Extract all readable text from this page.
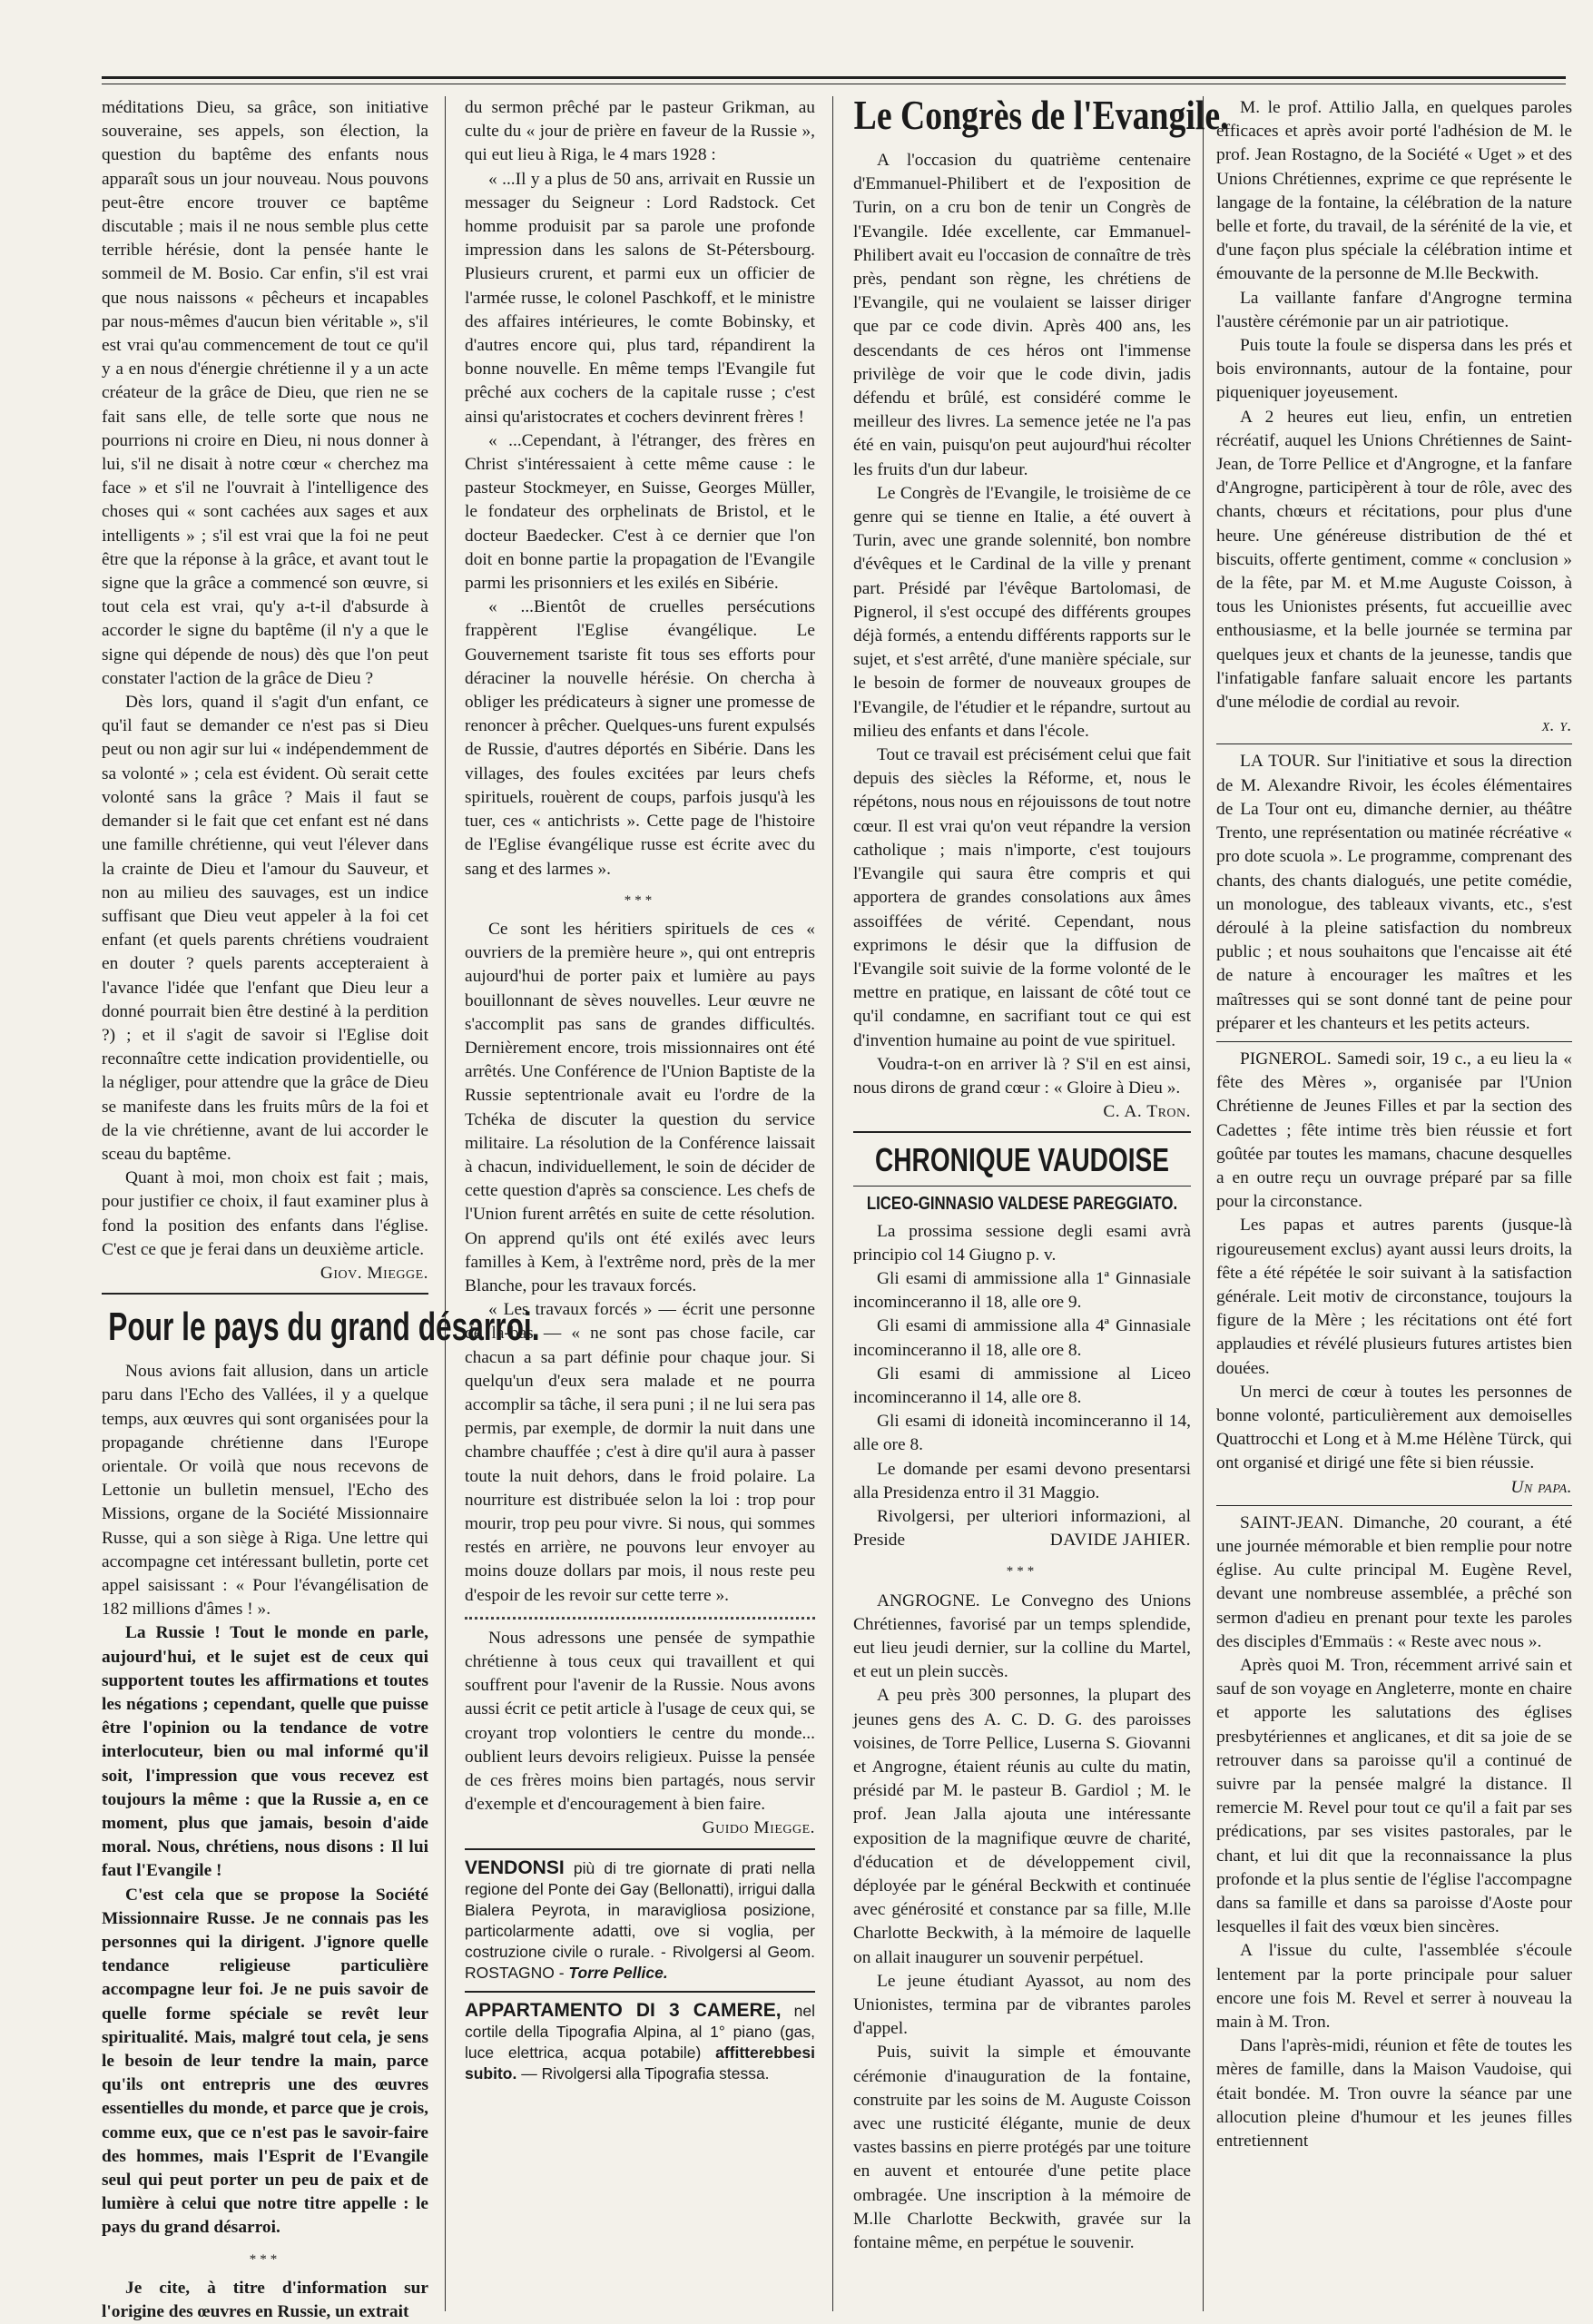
méditations Dieu, sa grâce, son initiative souveraine, ses appels, son élection, la question du baptême des enfants nous apparaît sous un jour nouveau. Nous pouvons peut-être encore trouver ce baptême discutable ; mais il ne nous semble plus cette terrible hérésie, dont la pensée hante le sommeil de M. Bosio. Car enfin, s'il est vrai que nous naissons « pêcheurs et incapables par nous-mêmes d'aucun bien véritable », s'il est vrai qu'au commencement de tout ce qu'il y a en nous d'énergie chrétienne il y a un acte créateur de la grâce de Dieu, que rien ne se fait sans elle, de telle sorte que nous ne pourrions ni croire en Dieu, ni nous donner à lui, s'il ne disait à notre cœur « cherchez ma face » et s'il ne l'ouvrait à l'intelligence des choses qui « sont cachées aux sages et aux intelligents » ; s'il est vrai que la foi ne peut être que la réponse à la grâce, et avant tout le signe que la grâce a commencé son œuvre, si tout cela est vrai, qu'y a-t-il d'absurde à accorder le signe du baptême (il n'y a que le signe qui dépende de nous) dès que l'on peut constater l'action de la grâce de Dieu ?

Dès lors, quand il s'agit d'un enfant, ce qu'il faut se demander ce n'est pas si Dieu peut ou non agir sur lui « indépendemment de sa volonté » ; cela est évident. Où serait cette volonté sans la grâce ? Mais il faut se demander si le fait que cet enfant est né dans une famille chrétienne, qui veut l'élever dans la crainte de Dieu et l'amour du Sauveur, et non au milieu des sauvages, est un indice suffisant que Dieu veut appeler à la foi cet enfant (et quels parents chrétiens voudraient en douter ? quels parents accepteraient à l'avance l'idée que l'enfant que Dieu leur a donné pourrait bien être destiné à la perdition ?) ; et il s'agit de savoir si l'Eglise doit reconnaître cette indication providentielle, ou la négliger, pour attendre que la grâce de Dieu se manifeste dans les fruits mûrs de la foi et de la vie chrétienne, avant de lui accorder le sceau du baptême.

Quant à moi, mon choix est fait ; mais, pour justifier ce choix, il faut examiner plus à fond la position des enfants dans l'église. C'est ce que je ferai dans un deuxième article.

Giov. Miegge.
Pour le pays du grand désarroi.

Nous avions fait allusion, dans un article paru dans l'Echo des Vallées, il y a quelque temps, aux œuvres qui sont organisées pour la propagande chrétienne dans l'Europe orientale. Or voilà que nous recevons de Lettonie un bulletin mensuel, l'Echo des Missions, organe de la Société Missionnaire Russe, qui a son siège à Riga. Une lettre qui accompagne cet intéressant bulletin, porte cet appel saisissant : « Pour l'évangélisation de 182 millions d'âmes ! ».

La Russie ! Tout le monde en parle, aujourd'hui, et le sujet est de ceux qui supportent toutes les affirmations et toutes les négations ; cependant, quelle que puisse être l'opinion ou la tendance de votre interlocuteur, bien ou mal informé qu'il soit, l'impression que vous recevez est toujours la même : que la Russie a, en ce moment, plus que jamais, besoin d'aide moral. Nous, chrétiens, nous disons : Il lui faut l'Evangile !

C'est cela que se propose la Société Missionnaire Russe. Je ne connais pas les personnes qui la dirigent. J'ignore quelle tendance religieuse particulière accompagne leur foi. Je ne puis savoir de quelle forme spéciale se revêt leur spiritualité. Mais, malgré tout cela, je sens le besoin de leur tendre la main, parce qu'ils ont entrepris une des œuvres essentielles du monde, et parce que je crois, comme eux, que ce n'est pas le savoir-faire des hommes, mais l'Esprit de l'Evangile seul qui peut porter un peu de paix et de lumière à celui que notre titre appelle : le pays du grand désarroi.

***

Je cite, à titre d'information sur l'origine des œuvres en Russie, un extrait

du sermon prêché par le pasteur Grikman, au culte du « jour de prière en faveur de la Russie », qui eut lieu à Riga, le 4 mars 1928 :

« ...Il y a plus de 50 ans, arrivait en Russie un messager du Seigneur : Lord Radstock. Cet homme produisit par sa parole une profonde impression dans les salons de St-Pétersbourg. Plusieurs crurent, et parmi eux un officier de l'armée russe, le colonel Paschkoff, et le ministre des affaires intérieures, le comte Bobinsky, et d'autres encore qui, plus tard, répandirent la bonne nouvelle. En même temps l'Evangile fut prêché aux cochers de la capitale russe ; c'est ainsi qu'aristocrates et cochers devinrent frères !

« ...Cependant, à l'étranger, des frères en Christ s'intéressaient à cette même cause : le pasteur Stockmeyer, en Suisse, Georges Müller, le fondateur des orphelinats de Bristol, et le docteur Baedecker. C'est à ce dernier que l'on doit en bonne partie la propagation de l'Evangile parmi les prisonniers et les exilés en Sibérie.

« ...Bientôt de cruelles persécutions frappèrent l'Eglise évangélique. Le Gouvernement tsariste fit tous ses efforts pour déraciner la nouvelle hérésie. On chercha à obliger les prédicateurs à signer une promesse de renoncer à prêcher. Quelques-uns furent expulsés de Russie, d'autres déportés en Sibérie. Dans les villages, des foules excitées par leurs chefs spirituels, rouèrent de coups, parfois jusqu'à les tuer, ces « antichrists ». Cette page de l'histoire de l'Eglise évangélique russe est écrite avec du sang et des larmes ».

***

Ce sont les héritiers spirituels de ces « ouvriers de la première heure », qui ont entrepris aujourd'hui de porter paix et lumière au pays bouillonnant de sèves nouvelles. Leur œuvre ne s'accomplit pas sans de grandes difficultés. Dernièrement encore, trois missionnaires ont été arrêtés. Une Conférence de l'Union Baptiste de la Russie septentrionale avait eu l'ordre de la Tchéka de discuter la question du service militaire. La résolution de la Conférence laissait à chacun, individuellement, le soin de décider de cette question d'après sa conscience. Les chefs de l'Union furent arrêtés en suite de cette résolution. On apprend qu'ils ont été exilés avec leurs familles à Kem, à l'extrême nord, près de la mer Blanche, pour les travaux forcés.

« Les travaux forcés » — écrit une personne de là-bas — « ne sont pas chose facile, car chacun a sa part définie pour chaque jour. Si quelqu'un d'eux sera malade et ne pourra accomplir sa tâche, il sera puni ; il ne lui sera pas permis, par exemple, de dormir la nuit dans une chambre chauffée ; c'est à dire qu'il aura à passer toute la nuit dehors, dans le froid polaire. La nourriture est distribuée selon la loi : trop pour mourir, trop peu pour vivre. Si nous, qui sommes restés en arrière, ne pouvons leur envoyer au moins douze dollars par mois, il nous reste peu d'espoir de les revoir sur cette terre ».

Nous adressons une pensée de sympathie chrétienne à tous ceux qui travaillent et qui souffrent pour l'avenir de la Russie. Nous avons aussi écrit ce petit article à l'usage de ceux qui, se croyant trop volontiers le centre du monde... oublient leurs devoirs religieux. Puisse la pensée de ces frères moins bien partagés, nous servir d'exemple et d'encouragement à bien faire.

Guido Miegge.
VENDONSI più di tre giornate di prati nella regione del Ponte dei Gay (Bellonatti), irrigui dalla Bialera Peyrota, in maravigliosa posizione, particolarmente adatti, ove si voglia, per costruzione civile o rurale. - Rivolgersi al Geom. ROSTAGNO - Torre Pellice.
APPARTAMENTO DI 3 CAMERE, nel cortile della Tipografia Alpina, al 1° piano (gas, luce elettrica, acqua potabile) affitterebbesi subito. — Rivolgersi alla Tipografia stessa.
Le Congrès de l'Evangile.

A l'occasion du quatrième centenaire d'Emmanuel-Philibert et de l'exposition de Turin, on a cru bon de tenir un Congrès de l'Evangile. Idée excellente, car Emmanuel-Philibert avait eu l'occasion de connaître de très près, pendant son règne, les chrétiens de l'Evangile, qui ne voulaient se laisser diriger que par ce code divin. Après 400 ans, les descendants de ces héros ont l'immense privilège de voir que le code divin, jadis défendu et brûlé, est considéré comme le meilleur des livres. La semence jetée ne l'a pas été en vain, puisqu'on peut aujourd'hui récolter les fruits d'un dur labeur.

Le Congrès de l'Evangile, le troisième de ce genre qui se tienne en Italie, a été ouvert à Turin, avec une grande solennité, bon nombre d'évêques et le Cardinal de la ville y prenant part. Présidé par l'évêque Bartolomasi, de Pignerol, il s'est occupé des différents groupes déjà formés, a entendu différents rapports sur le sujet, et s'est arrêté, d'une manière spéciale, sur le besoin de former de nouveaux groupes de l'Evangile, de l'étudier et le répandre, surtout au milieu des enfants et dans l'école.

Tout ce travail est précisément celui que fait depuis des siècles la Réforme, et, nous le répétons, nous nous en réjouissons de tout notre cœur. Il est vrai qu'on veut répandre la version catholique ; mais n'importe, c'est toujours l'Evangile qui saura être compris et qui apportera de grandes consolations aux âmes assoiffées de vérité. Cependant, nous exprimons le désir que la diffusion de l'Evangile soit suivie de la forme volonté de le mettre en pratique, en laissant de côté tout ce qu'il condamne, en sacrifiant tout ce qui est d'invention humaine au point de vue spirituel.

Voudra-t-on en arriver là ? S'il en est ainsi, nous dirons de grand cœur : « Gloire à Dieu ».

C. A. Tron.
CHRONIQUE VAUDOISE
LICEO-GINNASIO VALDESE PAREGGIATO.

La prossima sessione degli esami avrà principio col 14 Giugno p. v.

Gli esami di ammissione alla 1ª Ginnasiale incominceranno il 18, alle ore 9.

Gli esami di ammissione alla 4ª Ginnasiale incominceranno il 18, alle ore 8.

Gli esami di ammissione al Liceo incominceranno il 14, alle ore 8.

Gli esami di idoneità incominceranno il 14, alle ore 8.

Le domande per esami devono presentarsi alla Presidenza entro il 31 Maggio.

Rivolgersi, per ulteriori informazioni, al Preside	DAVIDE JAHIER.

***

ANGROGNE. Le Convegno des Unions Chrétiennes, favorisé par un temps splendide, eut lieu jeudi dernier, sur la colline du Martel, et eut un plein succès.

A peu près 300 personnes, la plupart des jeunes gens des A. C. D. G. des paroisses voisines, de Torre Pellice, Luserna S. Giovanni et Angrogne, étaient réunis au culte du matin, présidé par M. le pasteur B. Gardiol ; M. le prof. Jean Jalla ajouta une intéressante exposition de la magnifique œuvre de charité, d'éducation et de développement civil, déployée par le général Beckwith et continuée avec générosité et constance par sa fille, M.lle Charlotte Beckwith, à la mémoire de laquelle on allait inaugurer un souvenir perpétuel.

Le jeune étudiant Ayassot, au nom des Unionistes, termina par de vibrantes paroles d'appel.

Puis, suivit la simple et émouvante cérémonie d'inauguration de la fontaine, construite par les soins de M. Auguste Coisson avec une rusticité élégante, munie de deux vastes bassins en pierre protégés par une toiture en auvent et entourée d'une petite place ombragée. Une inscription à la mémoire de M.lle Charlotte Beckwith, gravée sur la fontaine même, en perpétue le souvenir.

M. le prof. Attilio Jalla, en quelques paroles efficaces et après avoir porté l'adhésion de M. le prof. Jean Rostagno, de la Société « Uget » et des Unions Chrétiennes, exprime ce que représente le langage de la fontaine, la célébration de la nature belle et forte, du travail, de la sérénité de la vie, et d'une façon plus spéciale la célébration intime et émouvante de la personne de M.lle Beckwith.

La vaillante fanfare d'Angrogne termina l'austère cérémonie par un air patriotique.

Puis toute la foule se dispersa dans les prés et bois environnants, autour de la fontaine, pour piqueniquer joyeusement.

A 2 heures eut lieu, enfin, un entretien récréatif, auquel les Unions Chrétiennes de Saint-Jean, de Torre Pellice et d'Angrogne, et la fanfare d'Angrogne, participèrent à tour de rôle, avec des chants, chœurs et récitations, pour plus d'une heure. Une généreuse distribution de thé et biscuits, offerte gentiment, comme « conclusion » de la fête, par M. et M.me Auguste Coisson, à tous les Unionistes présents, fut accueillie avec enthousiasme, et la belle journée se termina par quelques jeux et chants de la jeunesse, tandis que l'infatigable fanfare saluait encore les partants d'une mélodie de cordial au revoir.

x. y.

LA TOUR. Sur l'initiative et sous la direction de M. Alexandre Rivoir, les écoles élémentaires de La Tour ont eu, dimanche dernier, au théâtre Trento, une représentation ou matinée récréative « pro dote scuola ». Le programme, comprenant des chants, des chants dialogués, une petite comédie, un monologue, des tableaux vivants, etc., s'est déroulé à la pleine satisfaction du nombreux public ; et nous souhaitons que l'encaisse ait été de nature à encourager les maîtres et les maîtresses qui se sont donné tant de peine pour préparer et les chanteurs et les petits acteurs.

PIGNEROL. Samedi soir, 19 c., a eu lieu la « fête des Mères », organisée par l'Union Chrétienne de Jeunes Filles et par la section des Cadettes ; fête intime très bien réussie et fort goûtée par toutes les mamans, chacune desquelles a en outre reçu un ouvrage préparé par sa fille pour la circonstance.

Les papas et autres parents (jusque-là rigoureusement exclus) ayant aussi leurs droits, la fête a été répétée le soir suivant à la satisfaction générale. Leit motiv de circonstance, toujours la figure de la Mère ; les récitations ont été fort applaudies et révélé plusieurs futures artistes bien douées.

Un merci de cœur à toutes les personnes de bonne volonté, particulièrement aux demoiselles Quattrocchi et Long et à M.me Hélène Türck, qui ont organisé et dirigé une fête si bien réussie.

Un papa.

SAINT-JEAN. Dimanche, 20 courant, a été une journée mémorable et bien remplie pour notre église. Au culte principal M. Eugène Revel, devant une nombreuse assemblée, a prêché son sermon d'adieu en prenant pour texte les paroles des disciples d'Emmaüs : « Reste avec nous ».

Après quoi M. Tron, récemment arrivé sain et sauf de son voyage en Angleterre, monte en chaire et apporte les salutations des églises presbytériennes et anglicanes, et dit sa joie de se retrouver dans sa paroisse qu'il a continué de suivre par la pensée malgré la distance. Il remercie M. Revel pour tout ce qu'il a fait par ses prédications, par ses visites pastorales, par le chant, et lui dit que la reconnaissance la plus profonde et la plus sentie de l'église l'accompagne dans sa famille et dans sa paroisse d'Aoste pour lesquelles il fait des vœux bien sincères.

A l'issue du culte, l'assemblée s'écoule lentement par la porte principale pour saluer encore une fois M. Revel et serrer à nouveau la main à M. Tron.

Dans l'après-midi, réunion et fête de toutes les mères de famille, dans la Maison Vaudoise, qui était bondée. M. Tron ouvre la séance par une allocution pleine d'humour et les jeunes filles entretiennent
